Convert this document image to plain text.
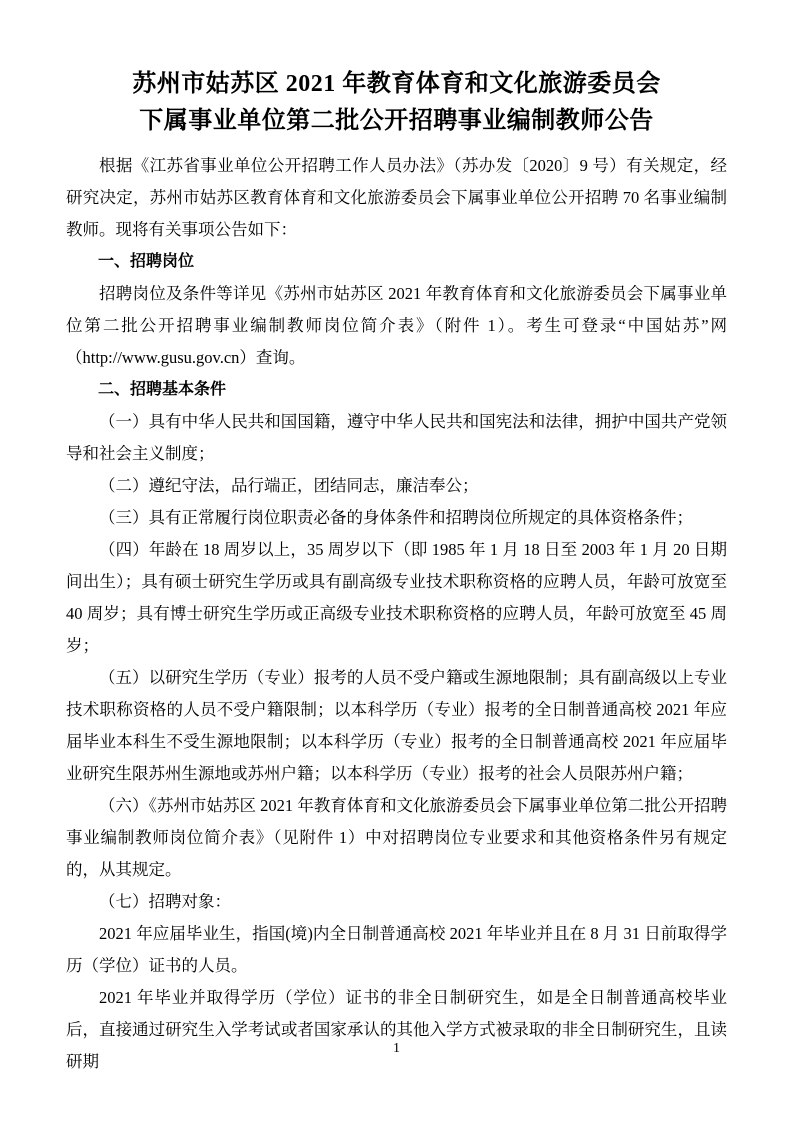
苏州市姑苏区 2021 年教育体育和文化旅游委员会
下属事业单位第二批公开招聘事业编制教师公告

根据《江苏省事业单位公开招聘工作人员办法》（苏办发〔2020〕9 号）有关规定，经研究决定，苏州市姑苏区教育体育和文化旅游委员会下属事业单位公开招聘 70 名事业编制教师。现将有关事项公告如下：

一、招聘岗位

招聘岗位及条件等详见《苏州市姑苏区 2021 年教育体育和文化旅游委员会下属事业单位第二批公开招聘事业编制教师岗位简介表》（附件 1）。考生可登录“中国姑苏”网（http://www.gusu.gov.cn）查询。

二、招聘基本条件

（一）具有中华人民共和国国籍，遵守中华人民共和国宪法和法律，拥护中国共产党领导和社会主义制度；

（二）遵纪守法，品行端正，团结同志，廉洁奉公；

（三）具有正常履行岗位职责必备的身体条件和招聘岗位所规定的具体资格条件；

（四）年龄在 18 周岁以上，35 周岁以下（即 1985 年 1 月 18 日至 2003 年 1 月 20 日期间出生）；具有硕士研究生学历或具有副高级专业技术职称资格的应聘人员，年龄可放宽至 40 周岁；具有博士研究生学历或正高级专业技术职称资格的应聘人员，年龄可放宽至 45 周岁；

（五）以研究生学历（专业）报考的人员不受户籍或生源地限制；具有副高级以上专业技术职称资格的人员不受户籍限制；以本科学历（专业）报考的全日制普通高校 2021 年应届毕业本科生不受生源地限制；以本科学历（专业）报考的全日制普通高校 2021 年应届毕业研究生限苏州生源地或苏州户籍；以本科学历（专业）报考的社会人员限苏州户籍；

（六）《苏州市姑苏区 2021 年教育体育和文化旅游委员会下属事业单位第二批公开招聘事业编制教师岗位简介表》（见附件 1）中对招聘岗位专业要求和其他资格条件另有规定的，从其规定。

（七）招聘对象：

2021 年应届毕业生，指国(境)内全日制普通高校 2021 年毕业并且在 8 月 31 日前取得学历（学位）证书的人员。

2021 年毕业并取得学历（学位）证书的非全日制研究生，如是全日制普通高校毕业后，直接通过研究生入学考试或者国家承认的其他入学方式被录取的非全日制研究生，且读研期

1
